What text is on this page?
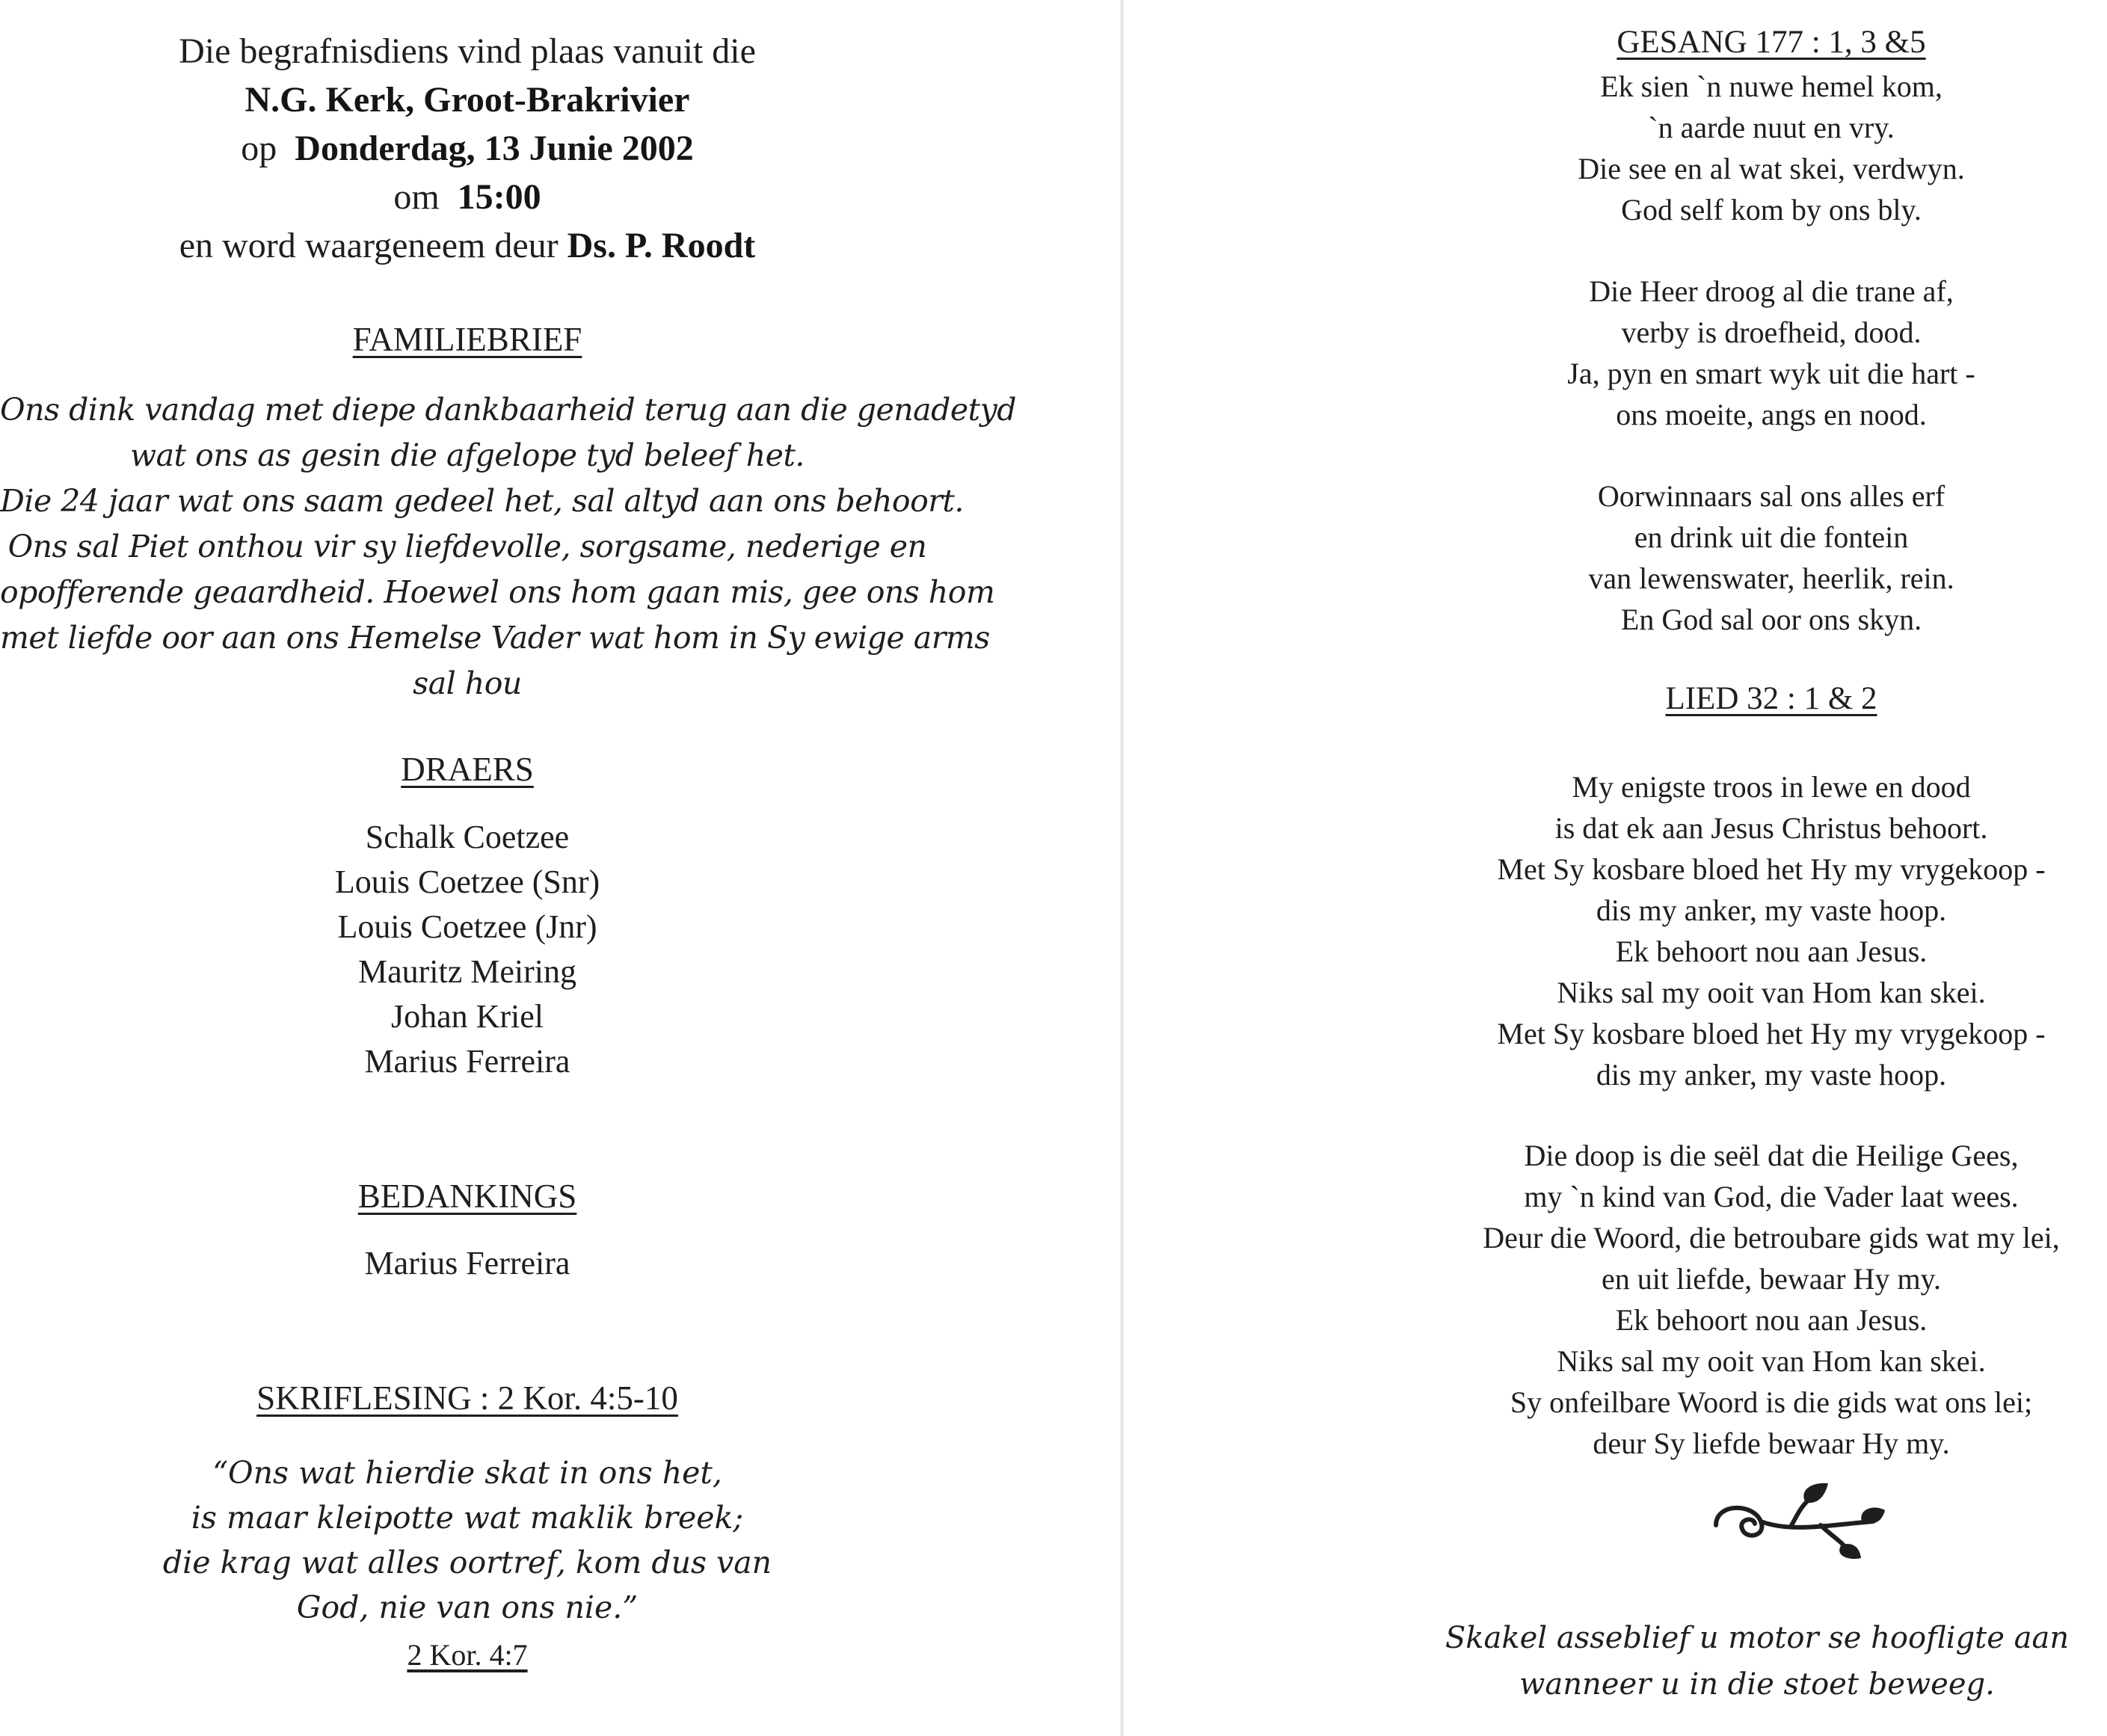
Die begrafnisdiens vind plaas vanuit die
N.G. Kerk, Groot-Brakrivier
op Donderdag, 13 Junie 2002
om 15:00
en word waargeneem deur Ds. P. Roodt
FAMILIEBRIEF
Ons dink vandag met diepe dankbaarheid terug aan die genadetyd
wat ons as gesin die afgelope tyd beleef het.
Die 24 jaar wat ons saam gedeel het, sal altyd aan ons behoort.
Ons sal Piet onthou vir sy liefdevolle, sorgsame, nederige en
opofferende geaardheid. Hoewel ons hom gaan mis, gee ons hom
met liefde oor aan ons Hemelse Vader wat hom in Sy ewige arms
sal hou
DRAERS
Schalk Coetzee
Louis Coetzee (Snr)
Louis Coetzee (Jnr)
Mauritz Meiring
Johan Kriel
Marius Ferreira
BEDANKINGS
Marius Ferreira
SKRIFLESING : 2 Kor. 4:5-10
“Ons wat hierdie skat in ons het,
is maar kleipotte wat maklik breek;
die krag wat alles oortref, kom dus van
God, nie van ons nie.”
2 Kor. 4:7
GESANG 177 : 1, 3 &5
Ek sien `n nuwe hemel kom,
`n aarde nuut en vry.
Die see en al wat skei, verdwyn.
God self kom by ons bly.
Die Heer droog al die trane af,
verby is droefheid, dood.
Ja, pyn en smart wyk uit die hart -
ons moeite, angs en nood.
Oorwinnaars sal ons alles erf
en drink uit die fontein
van lewenswater, heerlik, rein.
En God sal oor ons skyn.
LIED 32 : 1 & 2
My enigste troos in lewe en dood
is dat ek aan Jesus Christus behoort.
Met Sy kosbare bloed het Hy my vrygekoop -
dis my anker, my vaste hoop.
Ek behoort nou aan Jesus.
Niks sal my ooit van Hom kan skei.
Met Sy kosbare bloed het Hy my vrygekoop -
dis my anker, my vaste hoop.
Die doop is die seël dat die Heilige Gees,
my `n kind van God, die Vader laat wees.
Deur die Woord, die betroubare gids wat my lei,
en uit liefde, bewaar Hy my.
Ek behoort nou aan Jesus.
Niks sal my ooit van Hom kan skei.
Sy onfeilbare Woord is die gids wat ons lei;
deur Sy liefde bewaar Hy my.
Skakel asseblief u motor se hoofligte aan
wanneer u in die stoet beweeg.
